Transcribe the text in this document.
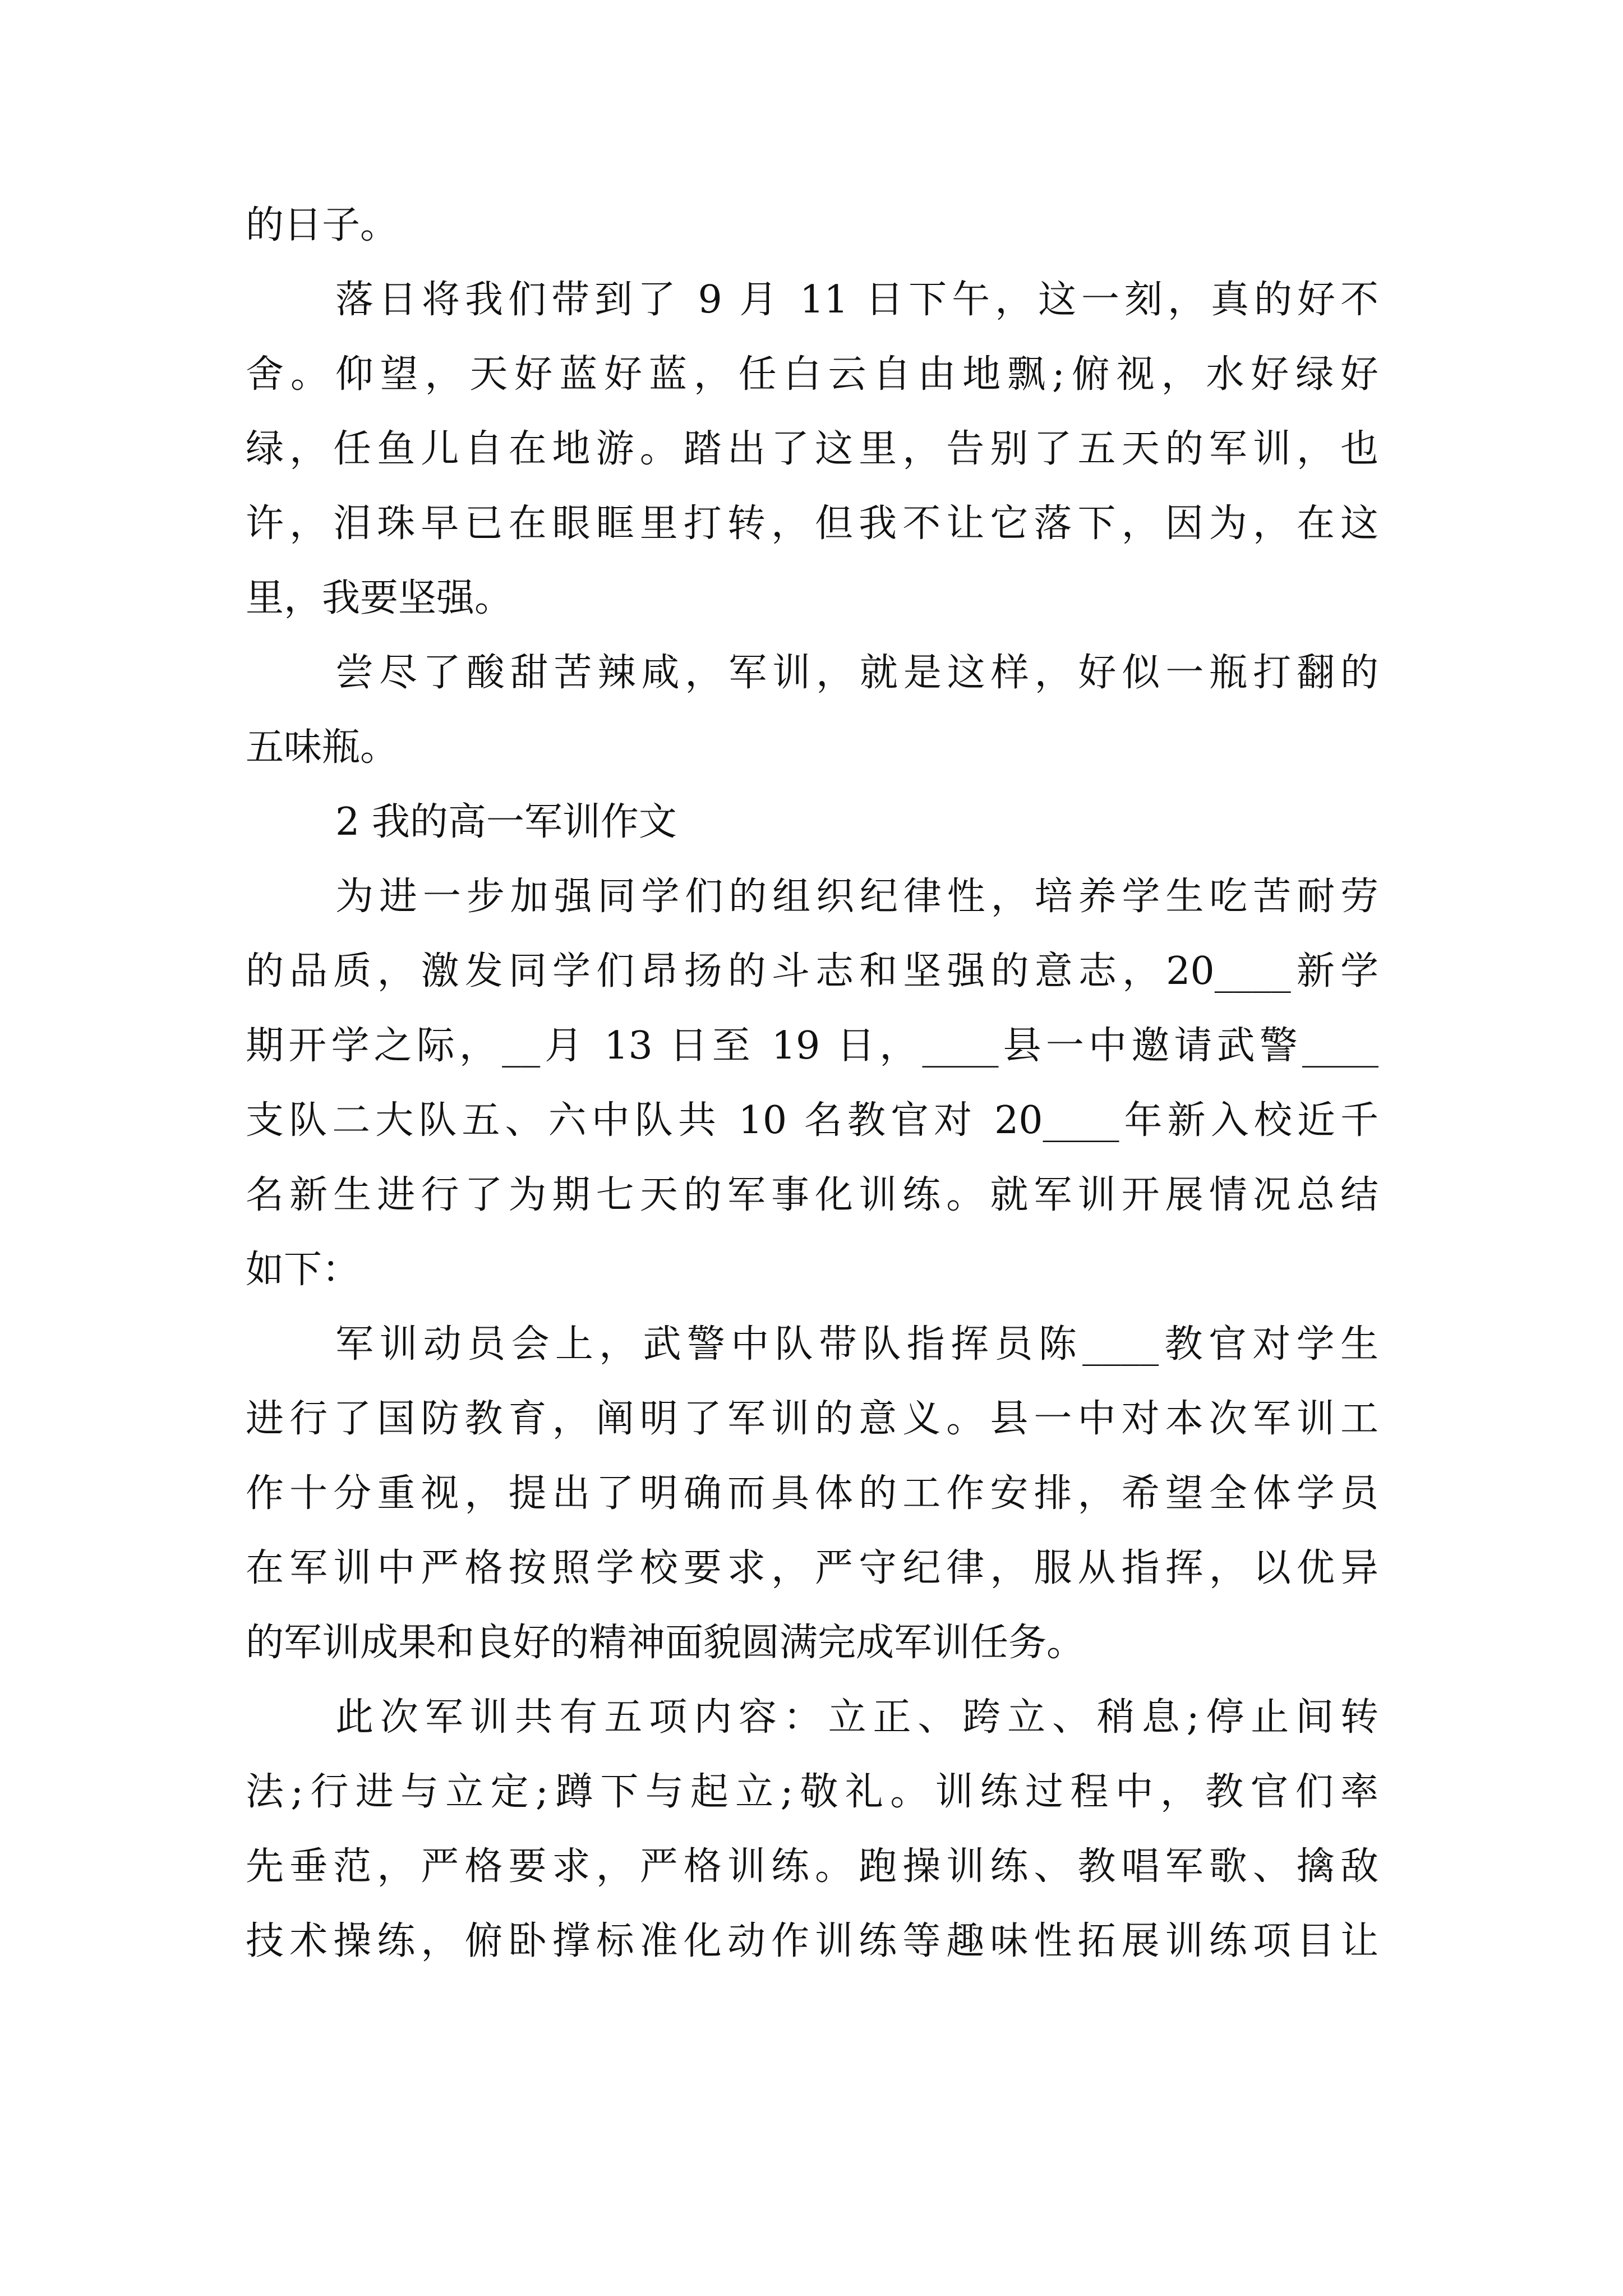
的日子。
落日将我们带到了 9 月 11 日下午，这一刻，真的好不
舍。仰望，天好蓝好蓝，任白云自由地飘;俯视，水好绿好
绿，任鱼儿自在地游。踏出了这里，告别了五天的军训，也
许，泪珠早已在眼眶里打转，但我不让它落下，因为，在这
里，我要坚强。
尝尽了酸甜苦辣咸，军训，就是这样，好似一瓶打翻的
五味瓶。
2 我的高一军训作文
为进一步加强同学们的组织纪律性，培养学生吃苦耐劳
的品质，激发同学们昂扬的斗志和坚强的意志，20____新学
期开学之际，__月 13 日至 19 日，____县一中邀请武警____
支队二大队五、六中队共 10 名教官对 20____年新入校近千
名新生进行了为期七天的军事化训练。就军训开展情况总结
如下：
军训动员会上，武警中队带队指挥员陈____教官对学生
进行了国防教育，阐明了军训的意义。县一中对本次军训工
作十分重视，提出了明确而具体的工作安排，希望全体学员
在军训中严格按照学校要求，严守纪律，服从指挥，以优异
的军训成果和良好的精神面貌圆满完成军训任务。
此次军训共有五项内容：立正、跨立、稍息;停止间转
法;行进与立定;蹲下与起立;敬礼。训练过程中，教官们率
先垂范，严格要求，严格训练。跑操训练、教唱军歌、擒敌
技术操练，俯卧撑标准化动作训练等趣味性拓展训练项目让
